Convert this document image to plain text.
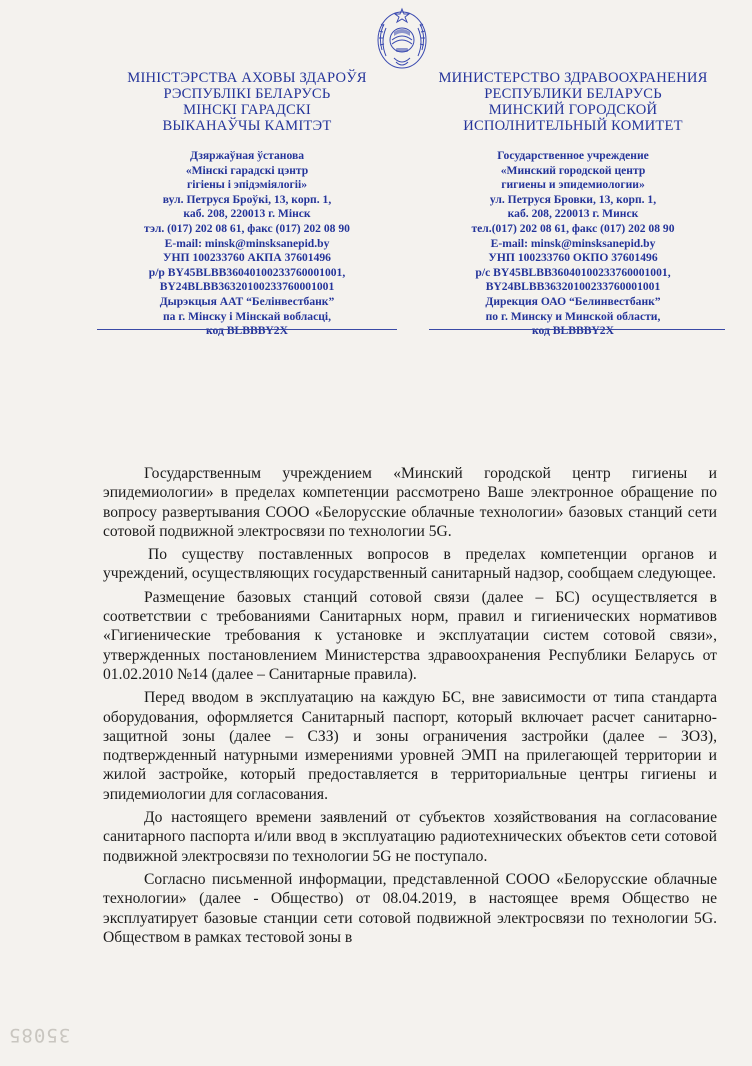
МІНІСТЭРСТВА АХОВЫ ЗДАРОЎЯ
РЭСПУБЛІКІ БЕЛАРУСЬ
МІНСКІ ГАРАДСКІ
ВЫКАНАЎЧЫ КАМІТЭТ
Дзяржаўная ўстанова
«Мінскі гарадскі цэнтр
гігіены і эпідэміялогіі»
вул. Петруся Броўкі, 13, корп. 1,
каб. 208, 220013 г. Мінск
тэл. (017) 202 08 61, факс (017) 202 08 90
E-mail: minsk@minsksanepid.by
УНП 100233760 АКПА 37601496
р/р BY45BLBB36040100233760001001,
BY24BLBB36320100233760001001
Дырэкцыя ААТ “Белінвестбанк”
па г. Мінску і Мінскай вобласці,
код BLBBBY2X
МИНИСТЕРСТВО ЗДРАВООХРАНЕНИЯ
РЕСПУБЛИКИ БЕЛАРУСЬ
МИНСКИЙ ГОРОДСКОЙ
ИСПОЛНИТЕЛЬНЫЙ КОМИТЕТ
Государственное учреждение
«Минский городской центр
гигиены и эпидемиологии»
ул. Петруся Бровки, 13, корп. 1,
каб. 208, 220013 г. Минск
тел.(017) 202 08 61, факс (017) 202 08 90
E-mail: minsk@minsksanepid.by
УНП 100233760 ОКПО 37601496
р/с BY45BLBB36040100233760001001,
BY24BLBB36320100233760001001
Дирекция ОАО “Белинвестбанк”
по г. Минску и Минской области,
код BLBBBY2X

Государственным учреждением «Минский городской центр гигиены и эпидемиологии» в пределах компетенции рассмотрено Ваше электронное обращение по вопросу развертывания СООО «Белорусские облачные технологии» базовых станций сети сотовой подвижной электросвязи по технологии 5G.

По существу поставленных вопросов в пределах компетенции органов и учреждений, осуществляющих государственный санитарный надзор, сообщаем следующее.

Размещение базовых станций сотовой связи (далее – БС) осуществляется в соответствии с требованиями Санитарных норм, правил и гигиенических нормативов «Гигиенические требования к установке и эксплуатации систем сотовой связи», утвержденных постановлением Министерства здравоохранения Республики Беларусь от 01.02.2010 №14 (далее – Санитарные правила).

Перед вводом в эксплуатацию на каждую БС, вне зависимости от типа стандарта оборудования, оформляется Санитарный паспорт, который включает расчет санитарно-защитной зоны (далее – СЗЗ) и зоны ограничения застройки (далее – ЗОЗ), подтвержденный натурными измерениями уровней ЭМП на прилегающей территории и жилой застройке, который предоставляется в территориальные центры гигиены и эпидемиологии для согласования.

До настоящего времени заявлений от субъектов хозяйствования на согласование санитарного паспорта и/или ввод в эксплуатацию радиотехнических объектов сети сотовой подвижной электросвязи по технологии 5G не поступало.

Согласно письменной информации, представленной СООО «Белорусские облачные технологии» (далее - Общество) от 08.04.2019, в настоящее время Общество не эксплуатирует базовые станции сети сотовой подвижной электросвязи по технологии 5G. Обществом в рамках тестовой зоны в

35085
